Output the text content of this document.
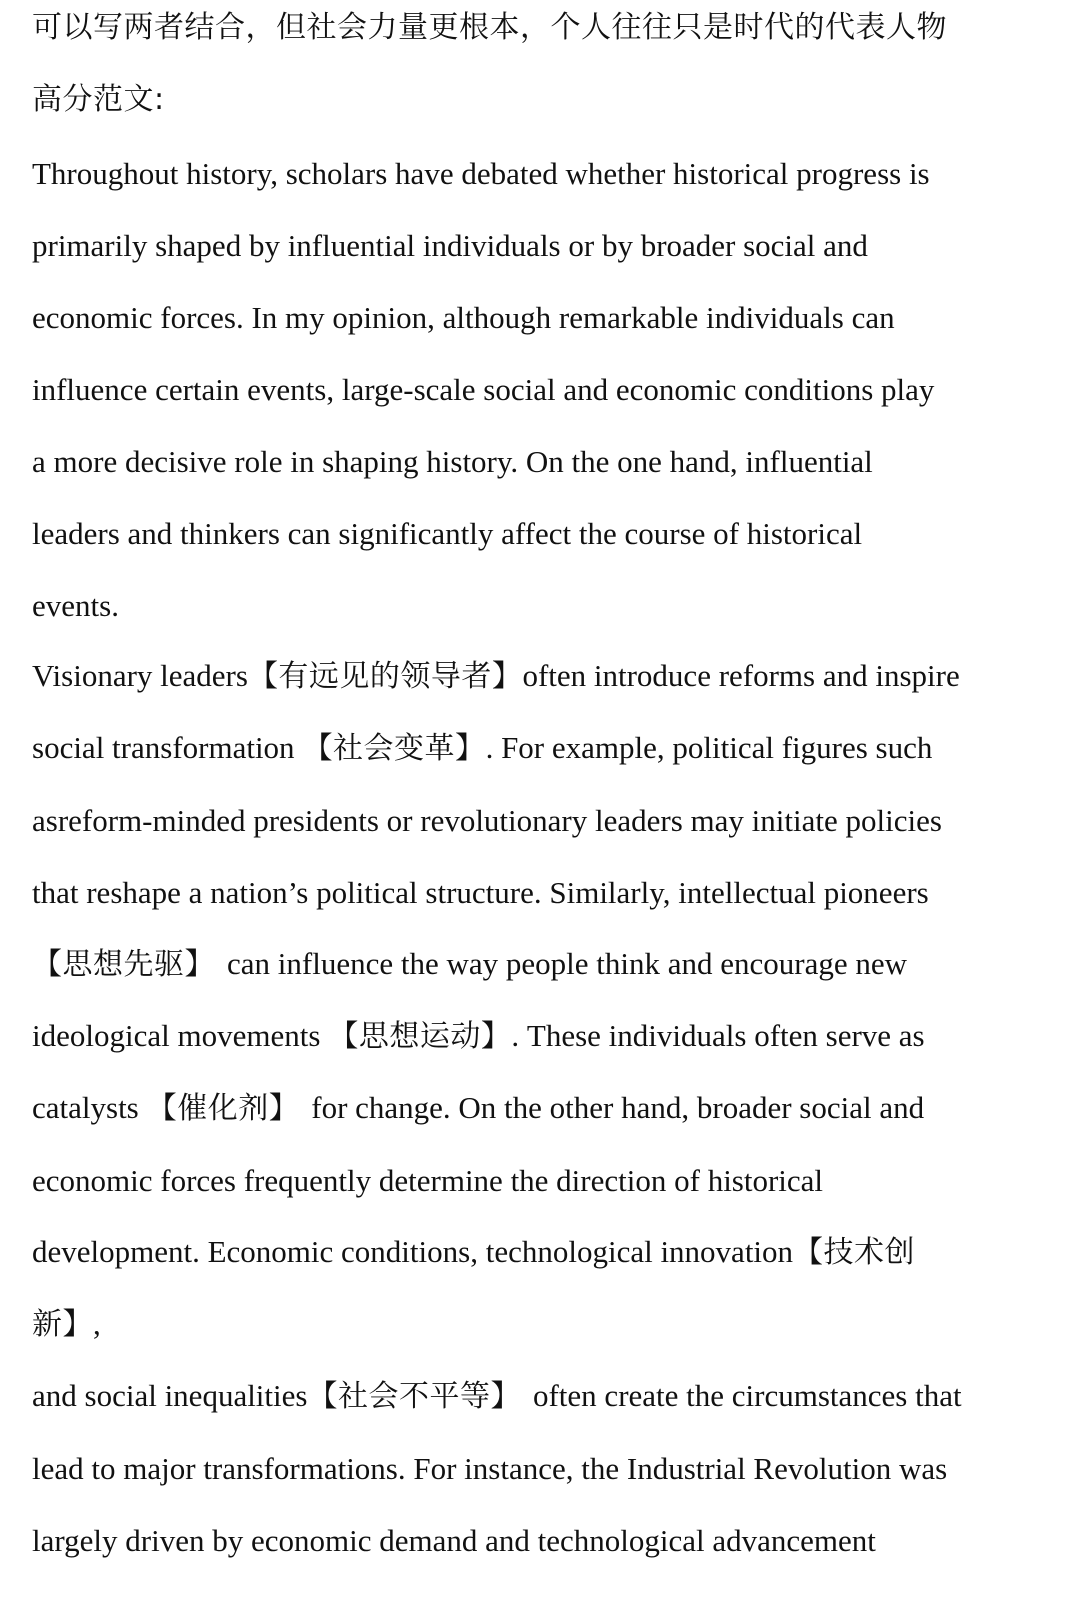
可以写两者结合，但社会力量更根本，个人往往只是时代的代表人物
高分范文:
Throughout history, scholars have debated whether historical progress is
primarily shaped by influential individuals or by broader social and
economic forces. In my opinion, although remarkable individuals can
influence certain events, large-scale social and economic conditions play
a more decisive role in shaping history. On the one hand, influential
leaders and thinkers can significantly affect the course of historical
events.
Visionary leaders【有远见的领导者】often introduce reforms and inspire
social transformation 【社会变革】. For example, political figures such
asreform-minded presidents or revolutionary leaders may initiate policies
that reshape a nation’s political structure. Similarly, intellectual pioneers
【思想先驱】 can influence the way people think and encourage new
ideological movements 【思想运动】. These individuals often serve as
catalysts 【催化剂】 for change. On the other hand, broader social and
economic forces frequently determine the direction of historical
development. Economic conditions, technological innovation【技术创
新】,
and social inequalities【社会不平等】 often create the circumstances that
lead to major transformations. For instance, the Industrial Revolution was
largely driven by economic demand and technological advancement
